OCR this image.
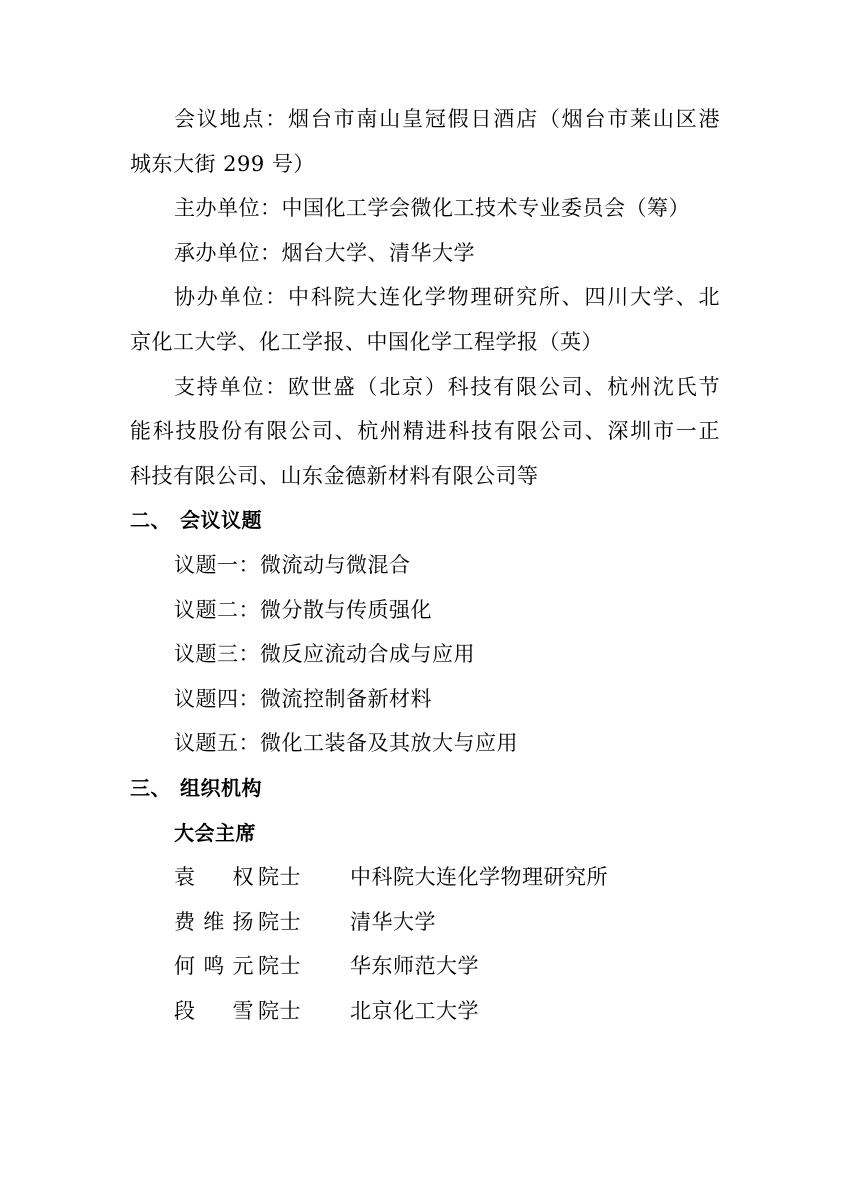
会议地点：烟台市南山皇冠假日酒店（烟台市莱山区港
城东大街 299 号）
主办单位：中国化工学会微化工技术专业委员会（筹）
承办单位：烟台大学、清华大学
协办单位：中科院大连化学物理研究所、四川大学、北
京化工大学、化工学报、中国化学工程学报（英）
支持单位：欧世盛（北京）科技有限公司、杭州沈氏节
能科技股份有限公司、杭州精进科技有限公司、深圳市一正
科技有限公司、山东金德新材料有限公司等
二、 会议议题
议题一：微流动与微混合
议题二：微分散与传质强化
议题三：微反应流动合成与应用
议题四：微流控制备新材料
议题五：微化工装备及其放大与应用
三、 组织机构
大会主席
袁权 院士	中科院大连化学物理研究所
费维扬 院士	清华大学
何鸣元 院士	华东师范大学
段雪 院士	北京化工大学
